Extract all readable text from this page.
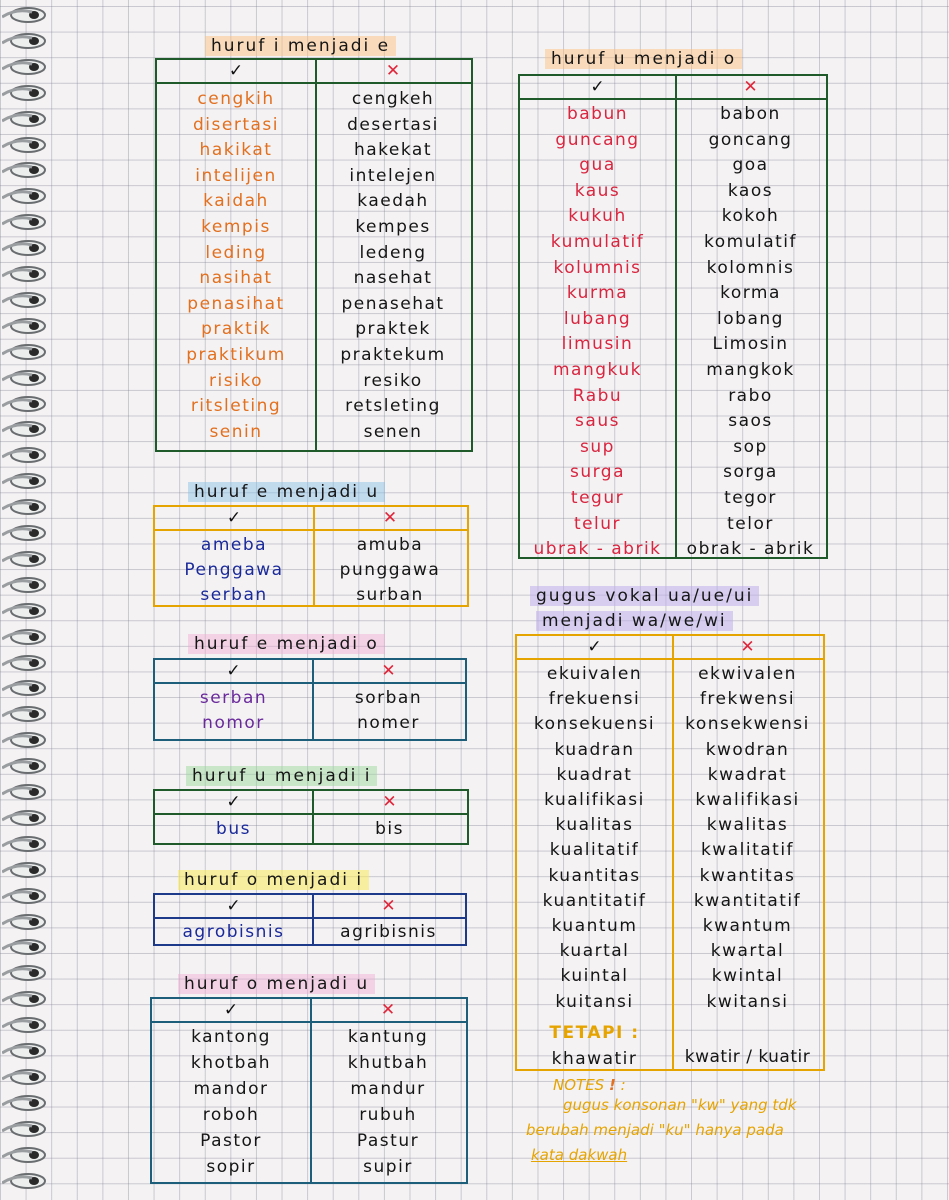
huruf i menjadi e
✓	✕
cengkih	cengkeh
disertasi	desertasi
hakikat	hakekat
intelijen	intelejen
kaidah	kaedah
kempis	kempes
leding	ledeng
nasihat	nasehat
penasihat	penasehat
praktik	praktek
praktikum	praktekum
risiko	resiko
ritsleting	retsleting
senin	senen
huruf e menjadi u
✓	✕
ameba	amuba
Penggawa	punggawa
serban	surban
huruf e menjadi o
✓	✕
serban	sorban
nomor	nomer
huruf u menjadi i
✓	✕
bus	bis
huruf o menjadi i
✓	✕
agrobisnis	agribisnis
huruf o menjadi u
✓	✕
kantong	kantung
khotbah	khutbah
mandor	mandur
roboh	rubuh
Pastor	Pastur
sopir	supir
huruf u menjadi o
✓	✕
babun	babon
guncang	goncang
gua	goa
kaus	kaos
kukuh	kokoh
kumulatif	komulatif
kolumnis	kolomnis
kurma	korma
lubang	lobang
limusin	Limosin
mangkuk	mangkok
Rabu	rabo
saus	saos
sup	sop
surga	sorga
tegur	tegor
telur	telor
ubrak - abrik	obrak - abrik
gugus vokal ua/ue/ui
menjadi wa/we/wi
✓	✕
ekuivalen	ekwivalen
frekuensi	frekwensi
konsekuensi	konsekwensi
kuadran	kwodran
kuadrat	kwadrat
kualifikasi	kwalifikasi
kualitas	kwalitas
kualitatif	kwalitatif
kuantitas	kwantitas
kuantitatif	kwantitatif
kuantum	kwantum
kuartal	kwartal
kuintal	kwintal
kuitansi	kwitansi
TETAPI :
khawatir	kwatir / kuatir
NOTES ! :
gugus konsonan "kw" yang tdk
berubah menjadi "ku" hanya pada
kata dakwah
